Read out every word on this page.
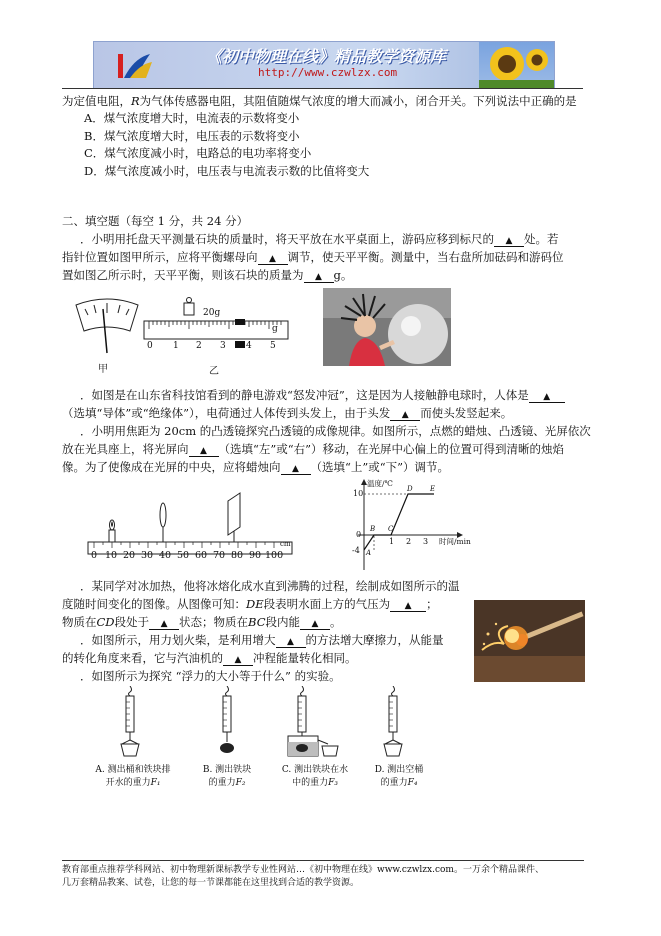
《初中物理在线》精品教学资源库
http://www.czwlzx.com
为定值电阻，R为气体传感器电阻，其阻值随煤气浓度的增大而减小，闭合开关。下列说法中正确的是
A．煤气浓度增大时，电流表的示数将变小
B．煤气浓度增大时，电压表的示数将变小
C．煤气浓度减小时，电路总的电功率将变小
D．煤气浓度减小时，电压表与电流表示数的比值将变大
二、填空题（每空 1 分，共 24 分）
．小明用托盘天平测量石块的质量时，将天平放在水平桌面上，游码应移到标尺的 ▲ 处。若
指针位置如图甲所示，应将平衡螺母向 ▲ 调节，使天平平衡。测量中，当右盘所加砝码和游码位
置如图乙所示时，天平平衡，则该石块的质量为 ▲ g。
甲
20g
g
0 1 2 3 4 5
乙
．如图是在山东省科技馆看到的静电游戏“怒发冲冠”，这是因为人接触静电球时，人体是 ▲
（选填“导体”或“绝缘体”），电荷通过人体传到头发上，由于头发 ▲ 而使头发竖起来。
．小明用焦距为 20cm 的凸透镜探究凸透镜的成像规律。如图所示，点燃的蜡烛、凸透镜、光屏依次
放在光具座上，将光屏向 ▲ （选填“左”或“右”）移动，在光屏中心偏上的位置可得到清晰的烛焰
像。为了使像成在光屏的中央，应将蜡烛向 ▲ （选填“上”或“下”）调节。
0 10 20 30 40 50 60 70 80 90 100
cm
温度/℃
时间/min
10
0
-4
1 2 3
A
B C
D E
．某同学对冰加热，他将冰熔化成水直到沸腾的过程，绘制成如图所示的温
度随时间变化的图像。从图像可知：DE段表明水面上方的气压为 ▲ ；
物质在CD段处于 ▲ 状态；物质在BC段内能 ▲ 。
．如图所示，用力划火柴，是利用增大 ▲ 的方法增大摩擦力，从能量
的转化角度来看，它与汽油机的 ▲ 冲程能量转化相同。
．如图所示为探究 “浮力的大小等于什么” 的实验。
A. 测出桶和铁块排
开水的重力F₁
B. 测出铁块
的重力F₂
C. 测出铁块在水
中的重力F₃
D. 测出空桶
的重力F₄
教育部重点推荐学科网站、初中物理新课标教学专业性网站…《初中物理在线》www.czwlzx.com。一万余个精品课件、
几万套精品教案、试卷，让您的每一节课都能在这里找到合适的教学资源。
